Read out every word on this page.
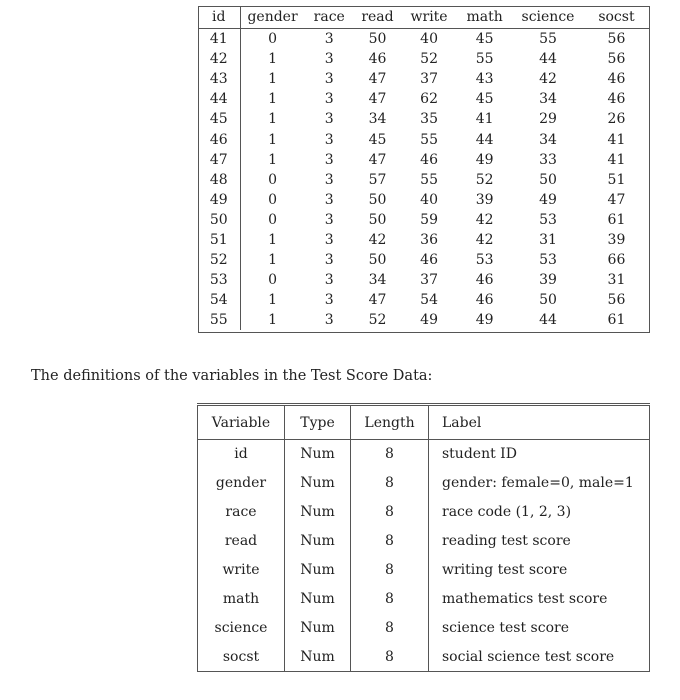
id	gender	race	read	write	math	science	socst
41	0	3	50	40	45	55	56
42	1	3	46	52	55	44	56
43	1	3	47	37	43	42	46
44	1	3	47	62	45	34	46
45	1	3	34	35	41	29	26
46	1	3	45	55	44	34	41
47	1	3	47	46	49	33	41
48	0	3	57	55	52	50	51
49	0	3	50	40	39	49	47
50	0	3	50	59	42	53	61
51	1	3	42	36	42	31	39
52	1	3	50	46	53	53	66
53	0	3	34	37	46	39	31
54	1	3	47	54	46	50	56
55	1	3	52	49	49	44	61
The definitions of the variables in the Test Score Data:
Variable	Type	Length	Label
id	Num	8	student ID
gender	Num	8	gender: female=0, male=1
race	Num	8	race code (1, 2, 3)
read	Num	8	reading test score
write	Num	8	writing test score
math	Num	8	mathematics test score
science	Num	8	science test score
socst	Num	8	social science test score
